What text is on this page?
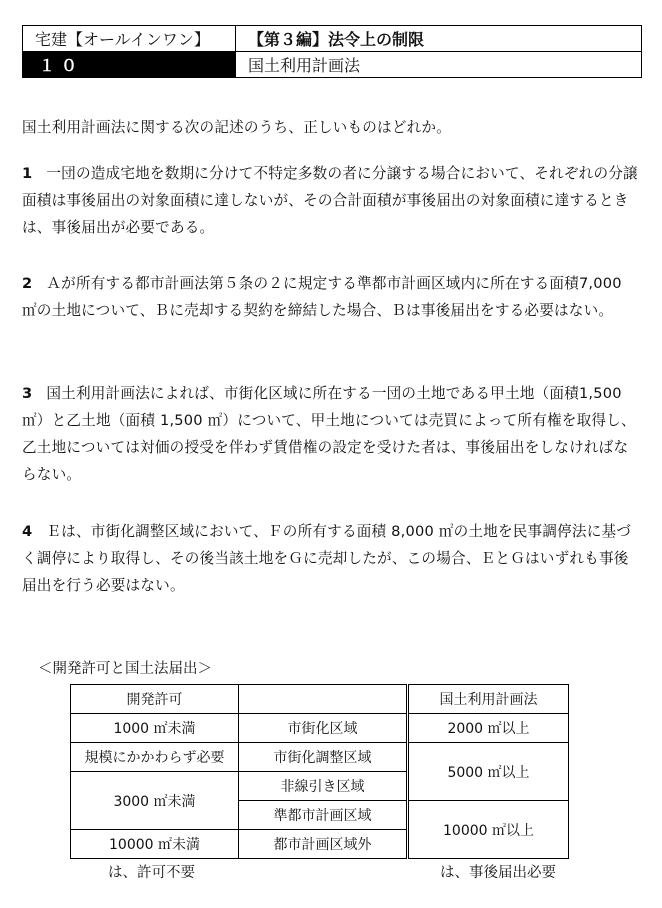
宅建【オールインワン】	【第３編】法令上の制限
１０	国土利用計画法

国土利用計画法に関する次の記述のうち、正しいものはどれか。

1 一団の造成宅地を数期に分けて不特定多数の者に分譲する場合において、それぞれの分譲面積は事後届出の対象面積に達しないが、その合計面積が事後届出の対象面積に達するときは、事後届出が必要である。

2 Ａが所有する都市計画法第５条の２に規定する準都市計画区域内に所在する面積7,000 ㎡の土地について、Ｂに売却する契約を締結した場合、Ｂは事後届出をする必要はない。

3 国土利用計画法によれば、市街化区域に所在する一団の土地である甲土地（面積1,500 ㎡）と乙土地（面積 1,500 ㎡）について、甲土地については売買によって所有権を取得し、乙土地については対価の授受を伴わず賃借権の設定を受けた者は、事後届出をしなければならない。

4 Ｅは、市街化調整区域において、Ｆの所有する面積 8,000 ㎡の土地を民事調停法に基づく調停により取得し、その後当該土地をＧに売却したが、この場合、ＥとＧはいずれも事後届出を行う必要はない。

＜開発許可と国土法届出＞
開発許可			国土利用計画法
1000 ㎡未満	市街化区域		2000 ㎡以上
規模にかかわらず必要	市街化調整区域		5000 ㎡以上
3000 ㎡未満	非線引き区域		
	準都市計画区域		10000 ㎡以上
10000 ㎡未満	都市計画区域外		
は、許可不要	は、事後届出必要
